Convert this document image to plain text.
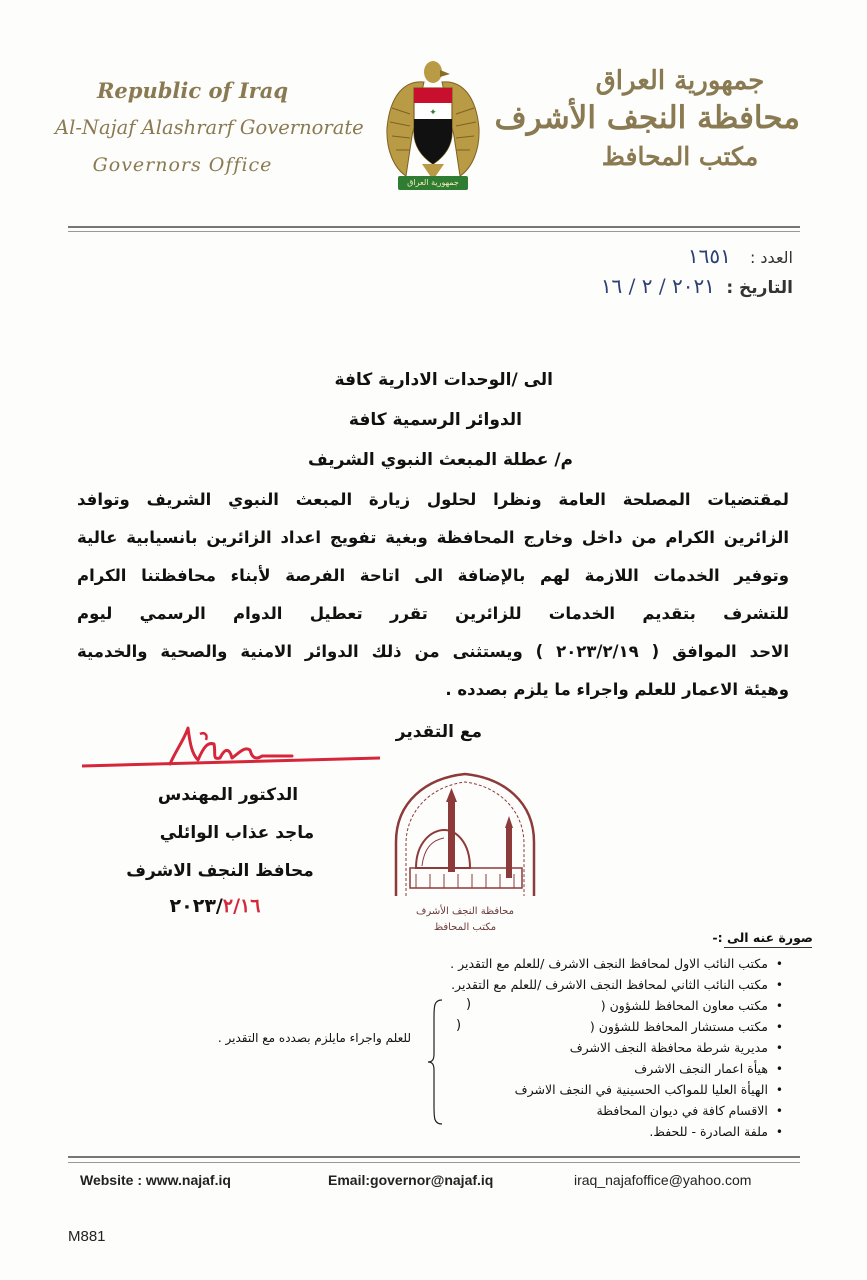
Republic of Iraq
Al-Najaf Alashrarf Governorate
Governors Office
✦
جمهورية العراق
جمهورية العراق
محافظة النجف الأشرف
مكتب المحافظ
العدد : ١٦٥١
التاريخ : ٢٠٢١ / ٢ / ١٦
الى /الوحدات الادارية كافة
الدوائر الرسمية كافة
م/ عطلة المبعث النبوي الشريف
لمقتضيات المصلحة العامة ونظرا لحلول زيارة المبعث النبوي الشريف وتوافد
الزائرين الكرام من داخل وخارج المحافظة وبغية تفويج اعداد الزائرين بانسيابية عالية
وتوفير الخدمات اللازمة لهم بالإضافة الى اتاحة الفرصة لأبناء محافظتنا الكرام
للتشرف بتقديم الخدمات للزائرين تقرر تعطيل الدوام الرسمي ليوم
الاحد الموافق ( ٢٠٢٣/٢/١٩ ) ويستثنى من ذلك الدوائر الامنية والصحية والخدمية
وهيئة الاعمار للعلم واجراء ما يلزم بصدده .
مع التقدير
الدكتور المهندس
ماجد عذاب الوائلي
محافظ النجف الاشرف
٢٠٢٣/٢/١٦	محافظة النجف الأشرف
مكتب المحافظ
صورة عنه الى :-
•مكتب النائب الاول لمحافظ النجف الاشرف /للعلم مع التقدير .
•مكتب النائب الثاني لمحافظ النجف الاشرف /للعلم مع التقدير.
•مكتب معاون المحافظ للشؤون (
•مكتب مستشار المحافظ للشؤون (
•مديرية شرطة محافظة النجف الاشرف
•هيأة اعمار النجف الاشرف
•الهيأة العليا للمواكب الحسينية في النجف الاشرف
•الاقسام كافة في ديوان المحافظة
•ملفة الصادرة - للحفظ.
)
)
للعلم واجراء مايلزم بصدده مع التقدير .
Website : www.najaf.iq	Email:governor@najaf.iq	iraq_najafoffice@yahoo.com
M881
